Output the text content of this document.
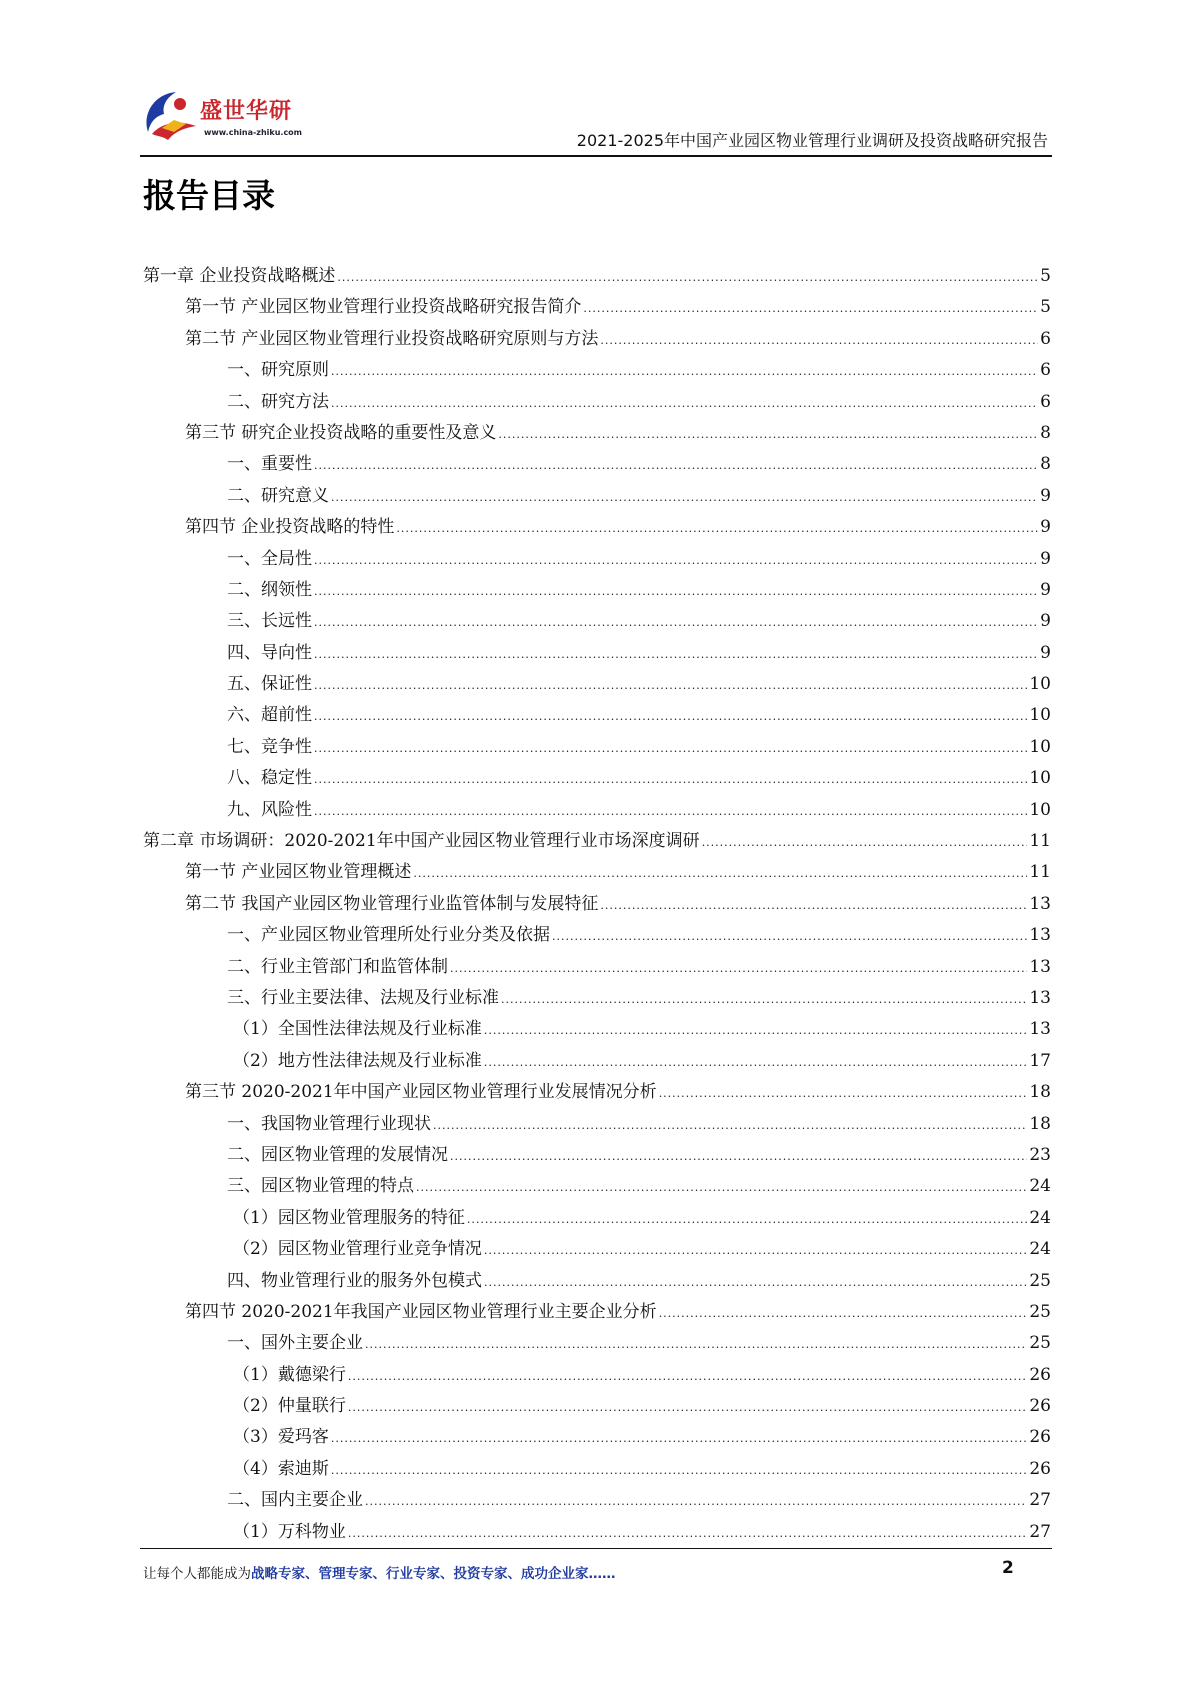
盛世华研
www.china-zhiku.com	2021-2025年中国产业园区物业管理行业调研及投资战略研究报告
报告目录
第一章 企业投资战略概述 .....	5
第一节 产业园区物业管理行业投资战略研究报告简介 .....	5
第二节 产业园区物业管理行业投资战略研究原则与方法 .....	6
一、研究原则 .....	6
二、研究方法 .....	6
第三节 研究企业投资战略的重要性及意义 .....	8
一、重要性 .....	8
二、研究意义 .....	9
第四节 企业投资战略的特性 .....	9
一、全局性 .....	9
二、纲领性 .....	9
三、长远性 .....	9
四、导向性 .....	9
五、保证性 .....	10
六、超前性 .....	10
七、竞争性 .....	10
八、稳定性 .....	10
九、风险性 .....	10
第二章 市场调研：2020-2021年中国产业园区物业管理行业市场深度调研 .....	11
第一节 产业园区物业管理概述 .....	11
第二节 我国产业园区物业管理行业监管体制与发展特征 .....	13
一、产业园区物业管理所处行业分类及依据 .....	13
二、行业主管部门和监管体制 .....	13
三、行业主要法律、法规及行业标准 .....	13
（1）全国性法律法规及行业标准 .....	13
（2）地方性法律法规及行业标准 .....	17
第三节 2020-2021年中国产业园区物业管理行业发展情况分析 .....	18
一、我国物业管理行业现状 .....	18
二、园区物业管理的发展情况 .....	23
三、园区物业管理的特点 .....	24
（1）园区物业管理服务的特征 .....	24
（2）园区物业管理行业竞争情况 .....	24
四、物业管理行业的服务外包模式 .....	25
第四节 2020-2021年我国产业园区物业管理行业主要企业分析 .....	25
一、国外主要企业 .....	25
（1）戴德梁行 .....	26
（2）仲量联行 .....	26
（3）爱玛客 .....	26
（4）索迪斯 .....	26
二、国内主要企业 .....	27
（1）万科物业 .....	27
让每个人都能成为战略专家、管理专家、行业专家、投资专家、成功企业家……	2
